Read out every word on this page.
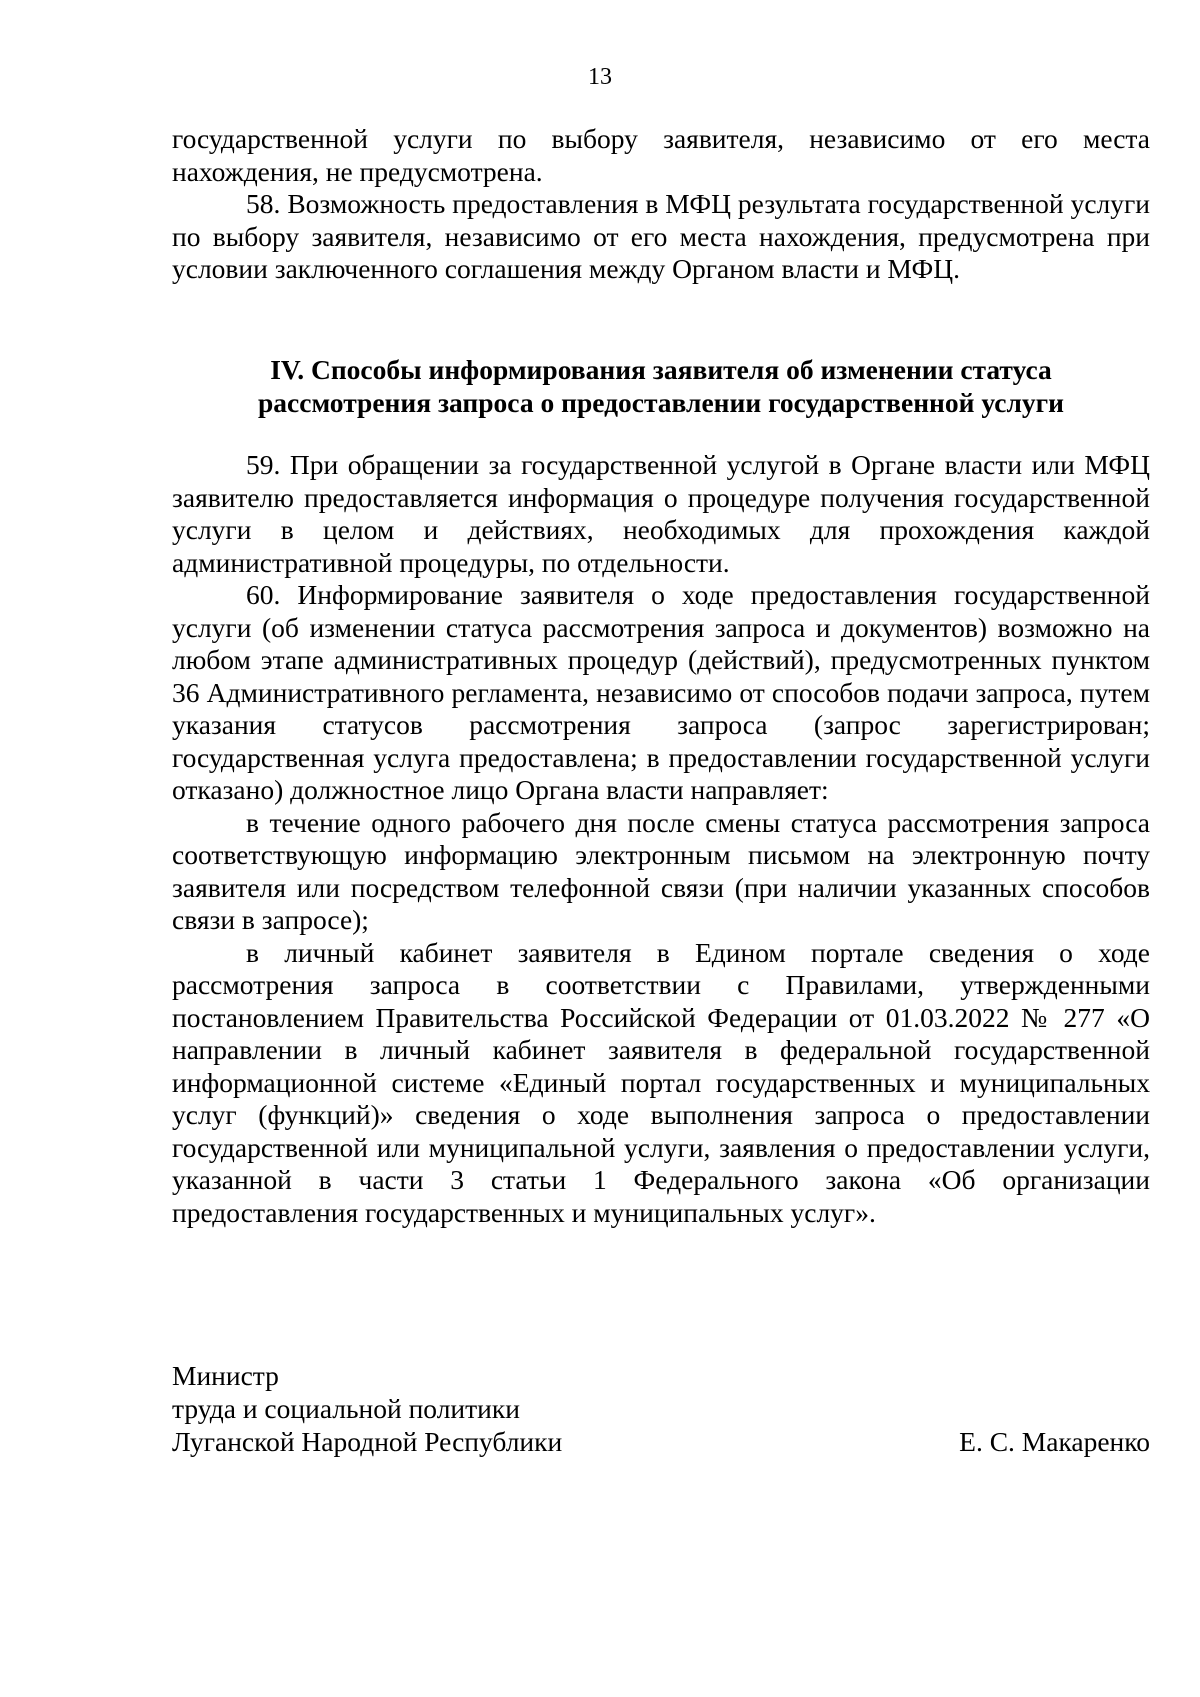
13

государственной услуги по выбору заявителя, независимо от его места нахождения, не предусмотрена.

58. Возможность предоставления в МФЦ результата государственной услуги по выбору заявителя, независимо от его места нахождения, предусмотрена при условии заключенного соглашения между Органом власти и МФЦ.

IV. Способы информирования заявителя об изменении статуса
рассмотрения запроса о предоставлении государственной услуги

59. При обращении за государственной услугой в Органе власти или МФЦ заявителю предоставляется информация о процедуре получения государственной услуги в целом и действиях, необходимых для прохождения каждой административной процедуры, по отдельности.

60. Информирование заявителя о ходе предоставления государственной услуги (об изменении статуса рассмотрения запроса и документов) возможно на любом этапе административных процедур (действий), предусмотренных пунктом 36 Административного регламента, независимо от способов подачи запроса, путем указания статусов рассмотрения запроса (запрос зарегистрирован; государственная услуга предоставлена; в предоставлении государственной услуги отказано) должностное лицо Органа власти направляет:

в течение одного рабочего дня после смены статуса рассмотрения запроса соответствующую информацию электронным письмом на электронную почту заявителя или посредством телефонной связи (при наличии указанных способов связи в запросе);

в личный кабинет заявителя в Едином портале сведения о ходе рассмотрения запроса в соответствии с Правилами, утвержденными постановлением Правительства Российской Федерации от 01.03.2022 № 277 «О направлении в личный кабинет заявителя в федеральной государственной информационной системе «Единый портал государственных и муниципальных услуг (функций)» сведения о ходе выполнения запроса о предоставлении государственной или муниципальной услуги, заявления о предоставлении услуги, указанной в части 3 статьи 1 Федерального закона «Об организации предоставления государственных и муниципальных услуг».

Министр
труда и социальной политики
Луганской Народной Республики	Е. С. Макаренко
